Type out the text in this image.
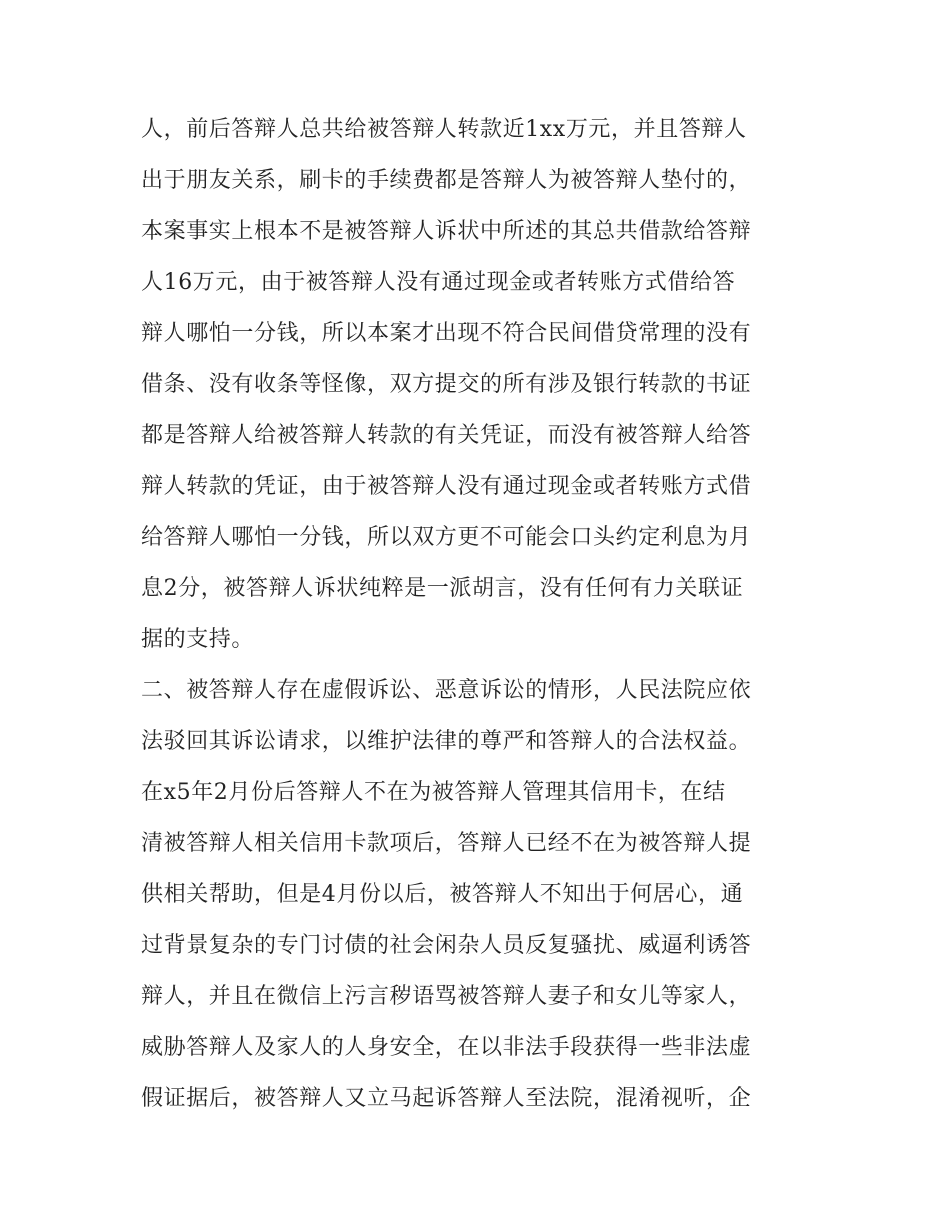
人，前后答辩人总共给被答辩人转款近1xx万元，并且答辩人
出于朋友关系，刷卡的手续费都是答辩人为被答辩人垫付的，
本案事实上根本不是被答辩人诉状中所述的其总共借款给答辩
人16万元，由于被答辩人没有通过现金或者转账方式借给答
辩人哪怕一分钱，所以本案才出现不符合民间借贷常理的没有
借条、没有收条等怪像，双方提交的所有涉及银行转款的书证
都是答辩人给被答辩人转款的有关凭证，而没有被答辩人给答
辩人转款的凭证，由于被答辩人没有通过现金或者转账方式借
给答辩人哪怕一分钱，所以双方更不可能会口头约定利息为月
息2分，被答辩人诉状纯粹是一派胡言，没有任何有力关联证
据的支持。
二、被答辩人存在虚假诉讼、恶意诉讼的情形，人民法院应依
法驳回其诉讼请求，以维护法律的尊严和答辩人的合法权益。
在x5年2月份后答辩人不在为被答辩人管理其信用卡，在结
清被答辩人相关信用卡款项后，答辩人已经不在为被答辩人提
供相关帮助，但是4月份以后，被答辩人不知出于何居心，通
过背景复杂的专门讨债的社会闲杂人员反复骚扰、威逼利诱答
辩人，并且在微信上污言秽语骂被答辩人妻子和女儿等家人，
威胁答辩人及家人的人身安全，在以非法手段获得一些非法虚
假证据后，被答辩人又立马起诉答辩人至法院，混淆视听，企
